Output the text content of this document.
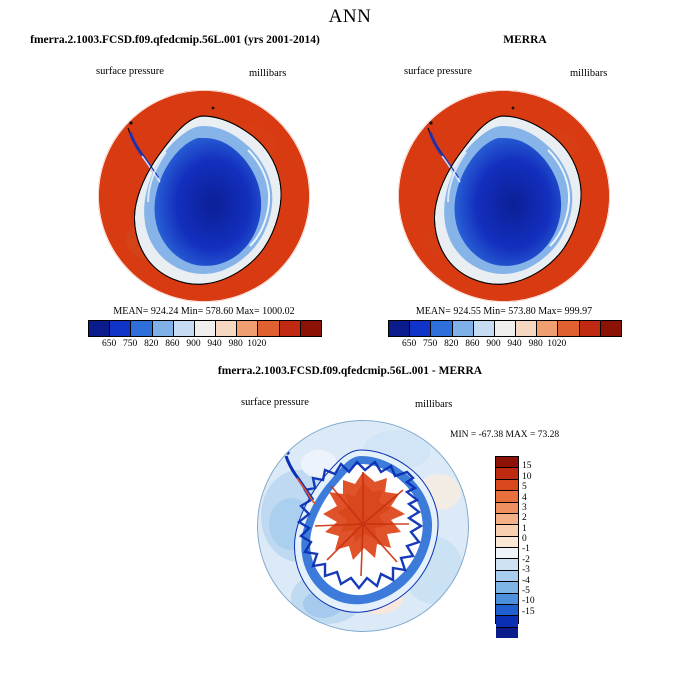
ANN
fmerra.2.1003.FCSD.f09.qfedcmip.56L.001 (yrs 2001-2014)
surface pressure	millibars
MEAN= 924.24 Min= 578.60 Max= 1000.02
650 750 820 860 900 940 980 1020
MERRA
surface pressure	millibars
MEAN= 924.55 Min= 573.80 Max= 999.97
650 750 820 860 900 940 980 1020
fmerra.2.1003.FCSD.f09.qfedcmip.56L.001 - MERRA
surface pressure	millibars
MIN = -67.38 MAX = 73.28
15
10
5
4
3
2
1
0
-1
-2
-3
-4
-5
-10
-15
